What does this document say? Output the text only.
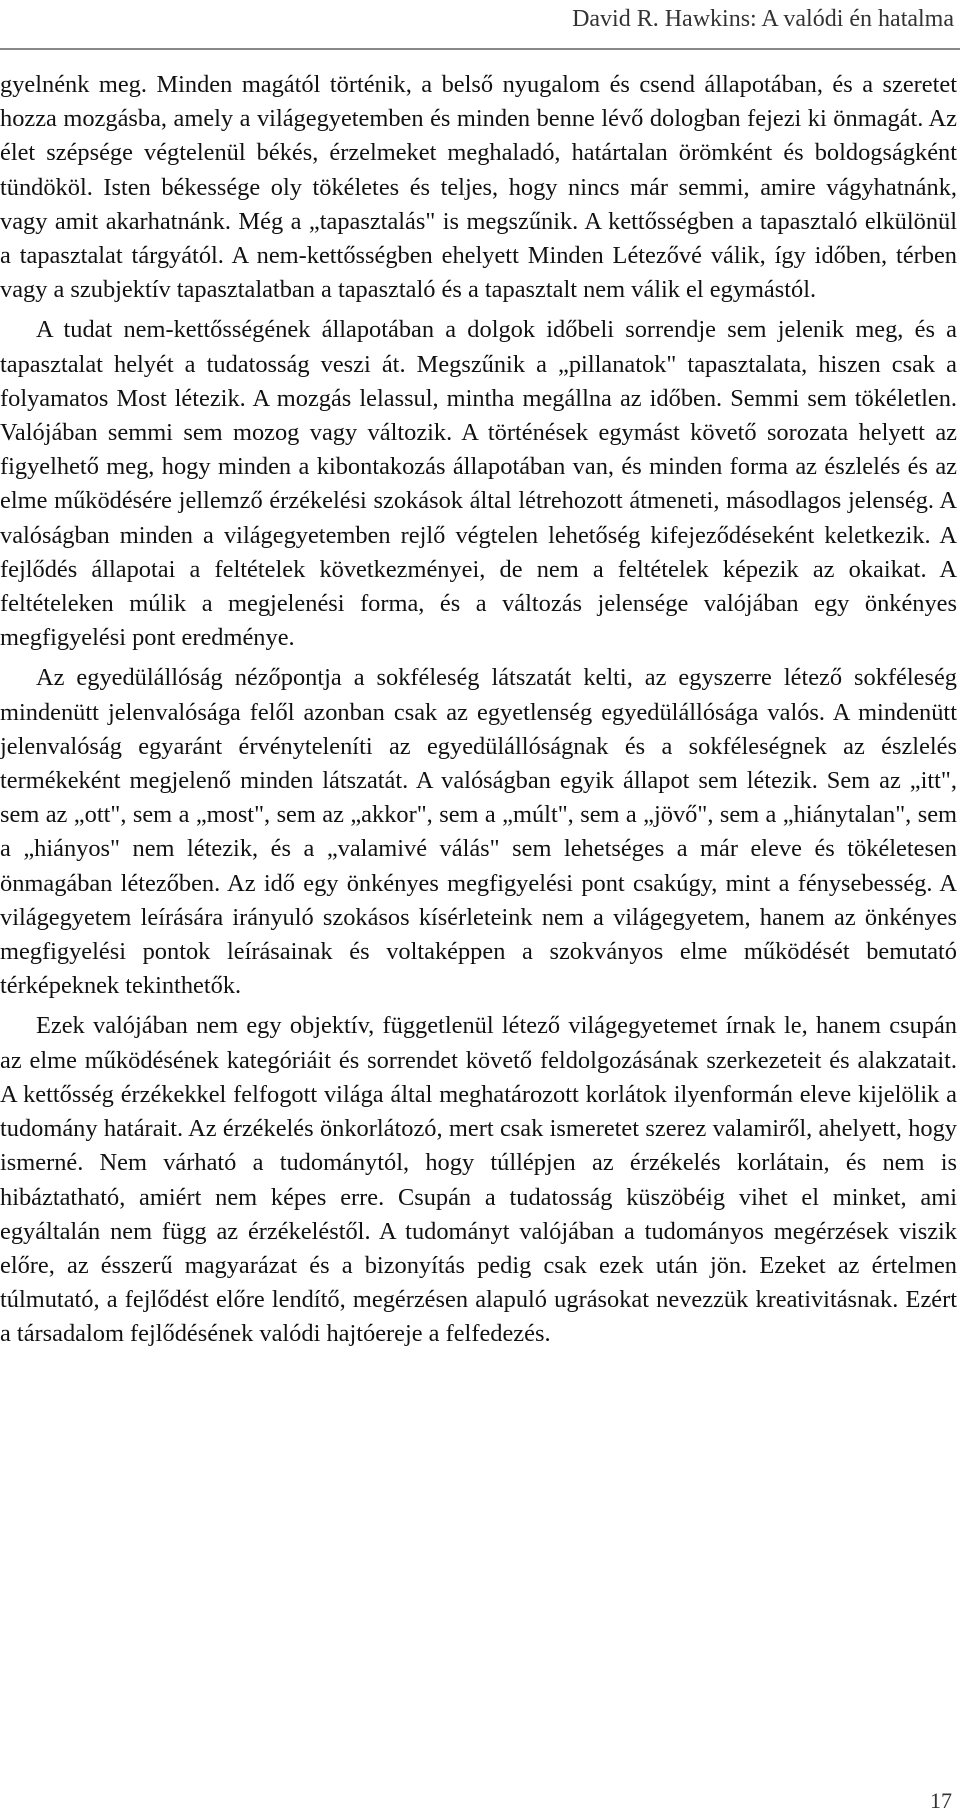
David R. Hawkins: A valódi én hatalma

gyelnénk meg. Minden magától történik, a belső nyugalom és csend állapotában, és a szeretet hozza mozgásba, amely a világegyetemben és minden benne lévő dologban fejezi ki önmagát. Az élet szépsége végtelenül békés, érzelmeket meghaladó, határtalan örömként és boldogságként tündököl. Isten békessége oly tökéletes és teljes, hogy nincs már semmi, amire vágyhatnánk, vagy amit akarhatnánk. Még a „tapasztalás" is megszűnik. A kettősségben a tapasztaló elkülönül a tapasztalat tárgyától. A nem-kettősségben ehelyett Minden Létezővé válik, így időben, térben vagy a szubjektív tapasztalatban a tapasztaló és a tapasztalt nem válik el egymástól.

A tudat nem-kettősségének állapotában a dolgok időbeli sorrendje sem jelenik meg, és a tapasztalat helyét a tudatosság veszi át. Megszűnik a „pillanatok" tapasztalata, hiszen csak a folyamatos Most létezik. A mozgás lelassul, mintha megállna az időben. Semmi sem tökéletlen. Valójában semmi sem mozog vagy változik. A történések egymást követő sorozata helyett az figyelhető meg, hogy minden a kibontakozás állapotában van, és minden forma az észlelés és az elme működésére jellemző érzékelési szokások által létrehozott átmeneti, másodlagos jelenség. A valóságban minden a világegyetemben rejlő végtelen lehetőség kifejeződéseként keletkezik. A fejlődés állapotai a feltételek következményei, de nem a feltételek képezik az okaikat. A feltételeken múlik a megjelenési forma, és a változás jelensége valójában egy önkényes megfigyelési pont eredménye.

Az egyedülállóság nézőpontja a sokféleség látszatát kelti, az egyszerre létező sokféleség mindenütt jelenvalósága felől azonban csak az egyetlenség egyedülállósága valós. A mindenütt jelenvalóság egyaránt érvényteleníti az egyedülállóságnak és a sokféleségnek az észlelés termékeként megjelenő minden látszatát. A valóságban egyik állapot sem létezik. Sem az „itt", sem az „ott", sem a „most", sem az „akkor", sem a „múlt", sem a „jövő", sem a „hiánytalan", sem a „hiányos" nem létezik, és a „valamivé válás" sem lehetséges a már eleve és tökéletesen önmagában létezőben. Az idő egy önkényes megfigyelési pont csakúgy, mint a fénysebesség. A világegyetem leírására irányuló szokásos kísérleteink nem a világegyetem, hanem az önkényes megfigyelési pontok leírásainak és voltaképpen a szokványos elme működését bemutató térképeknek tekinthetők.

Ezek valójában nem egy objektív, függetlenül létező világegyetemet írnak le, hanem csupán az elme működésének kategóriáit és sorrendet követő feldolgozásának szerkezeteit és alakzatait. A kettősség érzékekkel felfogott világa által meghatározott korlátok ilyenformán eleve kijelölik a tudomány határait. Az érzékelés önkorlátozó, mert csak ismeretet szerez valamiről, ahelyett, hogy ismerné. Nem várható a tudománytól, hogy túllépjen az érzékelés korlátain, és nem is hibáztatható, amiért nem képes erre. Csupán a tudatosság küszöbéig vihet el minket, ami egyáltalán nem függ az érzékeléstől. A tudományt valójában a tudományos megérzések viszik előre, az ésszerű magyarázat és a bizonyítás pedig csak ezek után jön. Ezeket az értelmen túlmutató, a fejlődést előre lendítő, megérzésen alapuló ugrásokat nevezzük kreativitásnak. Ezért a társadalom fejlődésének valódi hajtóereje a felfedezés.

17
